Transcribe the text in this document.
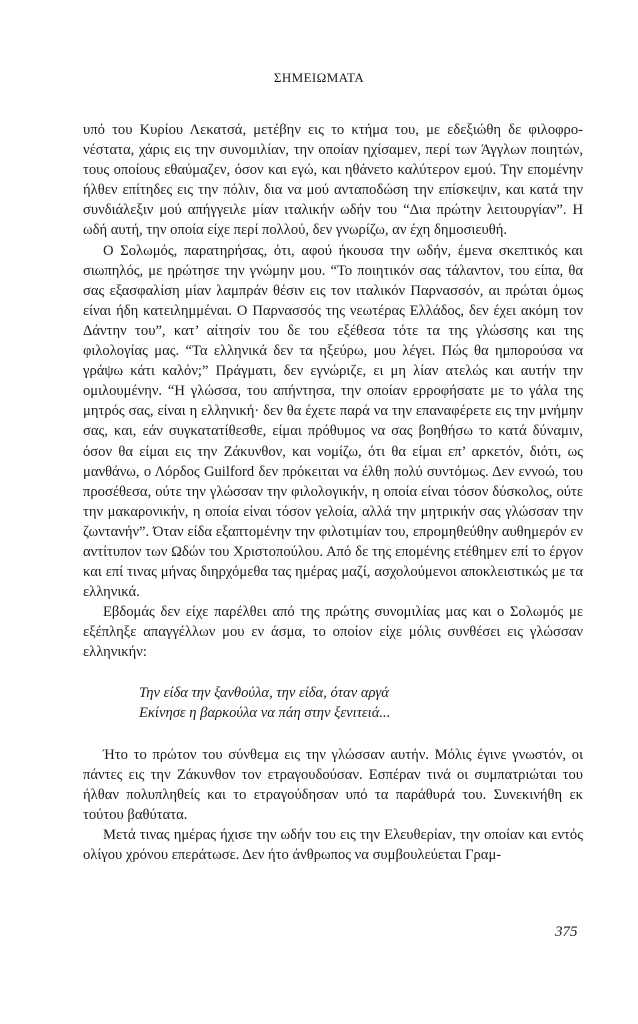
ΣΗΜΕΙΩΜΑΤΑ

υπό του Κυρίου Λεκατσά, μετέβην εις το κτήμα του, με εδεξιώθη δε φιλοφρονέστατα, χάρις εις την συνομιλίαν, την οποίαν ηχίσαμεν, περί των Άγγλων ποιητών, τους οποίους εθαύμαζεν, όσον και εγώ, και ηθάνετο καλύτερον εμού. Την επομένην ήλθεν επίτηδες εις την πόλιν, δια να μού ανταποδώση την επίσκεψιν, και κατά την συνδιάλεξιν μού απήγγειλε μίαν ιταλικήν ωδήν του “Δια πρώτην λειτουργίαν”. Η ωδή αυτή, την οποία είχε περί πολλού, δεν γνωρίζω, αν έχη δημοσιευθή.

Ο Σολωμός, παρατηρήσας, ότι, αφού ήκουσα την ωδήν, έμενα σκεπτικός και σιωπηλός, με ηρώτησε την γνώμην μου. “Το ποιητικόν σας τάλαντον, του είπα, θα σας εξασφαλίση μίαν λαμπράν θέσιν εις τον ιταλικόν Παρνασσόν, αι πρώται όμως είναι ήδη κατειλημμέναι. Ο Παρνασσός της νεωτέρας Ελλάδος, δεν έχει ακόμη τον Δάντην του”, κατ’ αίτησίν του δε του εξέθεσα τότε τα της γλώσσης και της φιλολογίας μας. “Τα ελληνικά δεν τα ηξεύρω, μου λέγει. Πώς θα ημπορούσα να γράψω κάτι καλόν;” Πράγματι, δεν εγνώριζε, ει μη λίαν ατελώς και αυτήν την ομιλουμένην. “Η γλώσσα, του απήντησα, την οποίαν ερροφήσατε με το γάλα της μητρός σας, είναι η ελληνική· δεν θα έχετε παρά να την επαναφέρετε εις την μνήμην σας, και, εάν συγκατατίθεσθε, είμαι πρόθυμος να σας βοηθήσω το κατά δύναμιν, όσον θα είμαι εις την Ζάκυνθον, και νομίζω, ότι θα είμαι επ’ αρκετόν, διότι, ως μανθάνω, ο Λόρδος Guilford δεν πρόκειται να έλθη πολύ συντόμως. Δεν εννοώ, του προσέθεσα, ούτε την γλώσσαν την φιλολογικήν, η οποία είναι τόσον δύσκολος, ούτε την μακαρονικήν, η οποία είναι τόσον γελοία, αλλά την μητρικήν σας γλώσσαν την ζωντανήν”. Όταν είδα εξαπτομένην την φιλοτιμίαν του, επρομηθεύθην αυθημερόν εν αντίτυπον των Ωδών του Χριστοπούλου. Από δε της επομένης ετέθημεν επί το έργον και επί τινας μήνας διηρχόμεθα τας ημέρας μαζί, ασχολούμενοι αποκλειστικώς με τα ελληνικά.

Εβδομάς δεν είχε παρέλθει από της πρώτης συνομιλίας μας και ο Σολωμός με εξέπληξε απαγγέλλων μου εν άσμα, το οποίον είχε μόλις συνθέσει εις γλώσσαν ελληνικήν:

Την είδα την ξανθούλα, την είδα, όταν αργά
Εκίνησε η βαρκούλα να πάη στην ξενιτειά...

Ήτο το πρώτον του σύνθεμα εις την γλώσσαν αυτήν. Μόλις έγινε γνωστόν, οι πάντες εις την Ζάκυνθον τον ετραγουδούσαν. Εσπέραν τινά οι συμπατριώται του ήλθαν πολυπληθείς και το ετραγούδησαν υπό τα παράθυρά του. Συνεκινήθη εκ τούτου βαθύτατα.

Μετά τινας ημέρας ήχισε την ωδήν του εις την Ελευθερίαν, την οποίαν και εντός ολίγου χρόνου επεράτωσε. Δεν ήτο άνθρωπος να συμβουλεύεται Γραμ-

375
